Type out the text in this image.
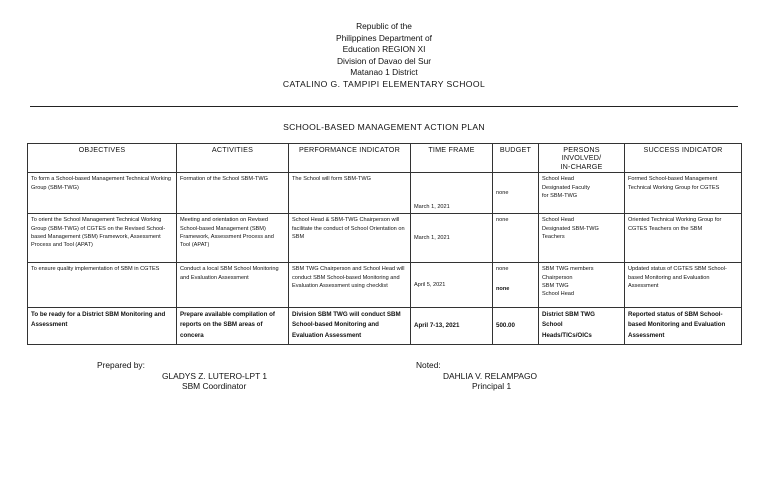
Republic of the
Philippines Department of
Education REGION XI
Division of Davao del Sur
Matanao 1 District
CATALINO G. TAMPIPI ELEMENTARY SCHOOL
SCHOOL-BASED MANAGEMENT ACTION PLAN
OBJECTIVES	ACTIVITIES	PERFORMANCE INDICATOR	TIME FRAME	BUDGET	PERSONS
INVOLVED/
IN-CHARGE	SUCCESS INDICATOR
To form a School-based Management Technical Working Group (SBM-TWG)	Formation of the School SBM-TWG	The School will form SBM-TWG	March 1, 2021	none	School Head
Designated Faculty
for SBM-TWG	Formed School-based Management Technical Working Group for CGTES
To orient the School Management Technical Working Group (SBM-TWG) of CGTES on the Revised School-based Management (SBM) Framework, Assessment Process and Tool (APAT)	Meeting and orientation on Revised School-based Management (SBM) Framework, Assessment Process and Tool (APAT)	School Head & SBM-TWG Chairperson will facilitate the conduct of School Orientation on SBM	March 1, 2021	none	School Head
Designated SBM-TWG
Teachers	Oriented Technical Working Group for CGTES Teachers on the SBM
To ensure quality implementation of SBM in CGTES	Conduct a local SBM School Monitoring and Evaluation Assessment	SBM TWG Chairperson and School Head will conduct SBM School-based Monitoring and Evaluation Assessment using checklist	April 5, 2021	none
none	SBM TWG members
Chairperson
SBM TWG
School Head	Updated status of CGTES SBM School-based Monitoring and Evaluation Assessment
To be ready for a District SBM Monitoring and Assessment	Prepare available compilation of reports on the SBM areas of concera	Division SBM TWG will conduct SBM School-based Monitoring and Evaluation Assessment	April 7-13, 2021	500.00	District SBM TWG
School
Heads/TICs/OICs	Reported status of SBM School-based Monitoring and Evaluation Assessment
Prepared by:
GLADYS Z. LUTERO-LPT 1
SBM Coordinator
Noted:
DAHLIA V. RELAMPAGO
Principal 1
